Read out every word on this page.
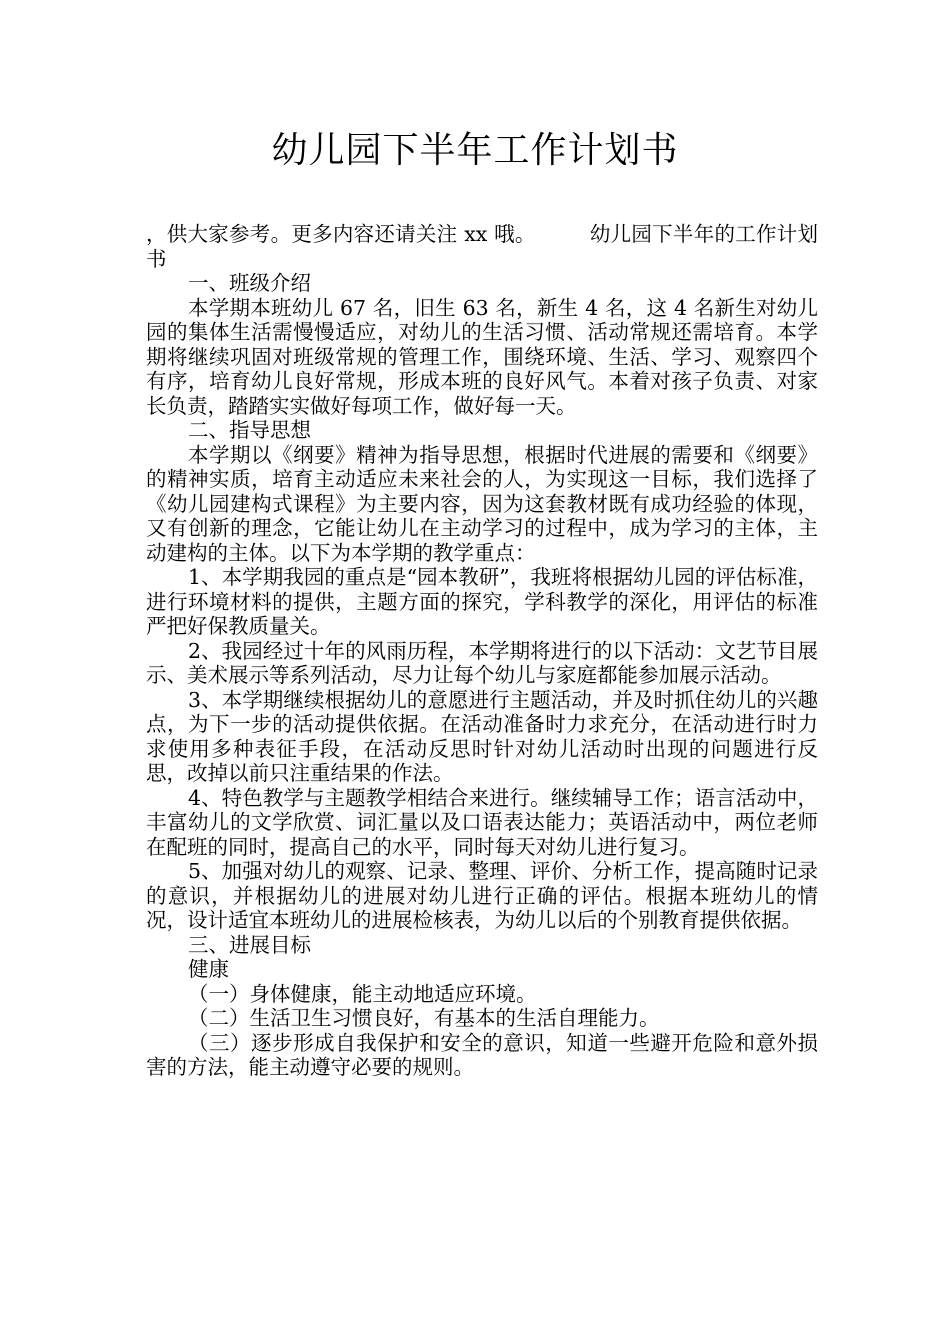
幼儿园下半年工作计划书

，供大家参考。更多内容还请关注 xx 哦。	幼儿园下半年的工作计划书

一、班级介绍

本学期本班幼儿 67 名，旧生 63 名，新生 4 名，这 4 名新生对幼儿园的集体生活需慢慢适应，对幼儿的生活习惯、活动常规还需培育。本学期将继续巩固对班级常规的管理工作，围绕环境、生活、学习、观察四个有序，培育幼儿良好常规，形成本班的良好风气。本着对孩子负责、对家长负责，踏踏实实做好每项工作，做好每一天。

二、指导思想

本学期以《纲要》精神为指导思想，根据时代进展的需要和《纲要》的精神实质，培育主动适应未来社会的人，为实现这一目标，我们选择了《幼儿园建构式课程》为主要内容，因为这套教材既有成功经验的体现，又有创新的理念，它能让幼儿在主动学习的过程中，成为学习的主体，主动建构的主体。以下为本学期的教学重点：

1、本学期我园的重点是“园本教研”，我班将根据幼儿园的评估标准，进行环境材料的提供，主题方面的探究，学科教学的深化，用评估的标准严把好保教质量关。

2、我园经过十年的风雨历程，本学期将进行的以下活动：文艺节目展示、美术展示等系列活动，尽力让每个幼儿与家庭都能参加展示活动。

3、本学期继续根据幼儿的意愿进行主题活动，并及时抓住幼儿的兴趣点，为下一步的活动提供依据。在活动准备时力求充分，在活动进行时力求使用多种表征手段，在活动反思时针对幼儿活动时出现的问题进行反思，改掉以前只注重结果的作法。

4、特色教学与主题教学相结合来进行。继续辅导工作；语言活动中，丰富幼儿的文学欣赏、词汇量以及口语表达能力；英语活动中，两位老师在配班的同时，提高自己的水平，同时每天对幼儿进行复习。

5、加强对幼儿的观察、记录、整理、评价、分析工作，提高随时记录的意识，并根据幼儿的进展对幼儿进行正确的评估。根据本班幼儿的情况，设计适宜本班幼儿的进展检核表，为幼儿以后的个别教育提供依据。

三、进展目标

健康

（一）身体健康，能主动地适应环境。

（二）生活卫生习惯良好，有基本的生活自理能力。

（三）逐步形成自我保护和安全的意识，知道一些避开危险和意外损害的方法，能主动遵守必要的规则。
